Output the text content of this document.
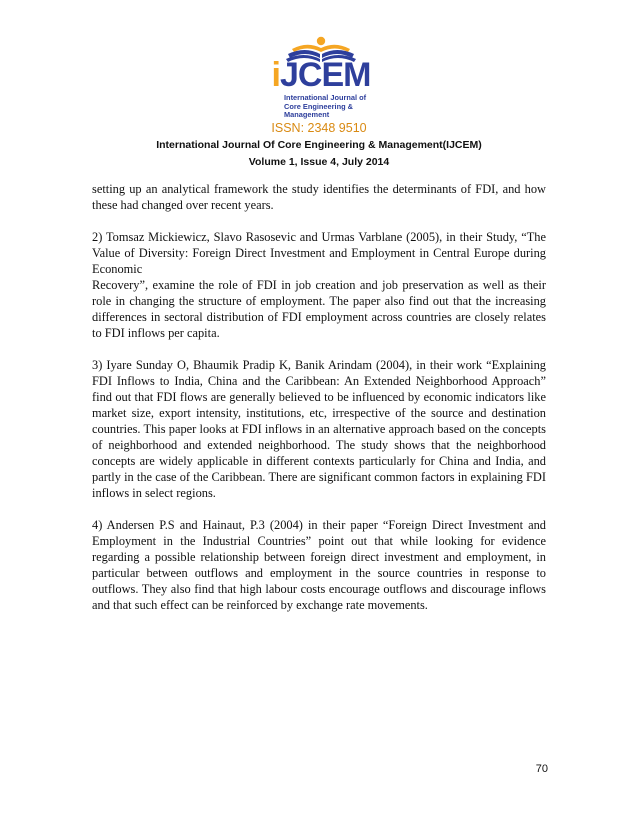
iJCEM
International Journal of Core Engineering & Management
ISSN: 2348 9510
International Journal Of Core Engineering & Management(IJCEM)
Volume 1, Issue 4, July 2014

setting up an analytical framework the study identifies the determinants of FDI, and how these had changed over recent years.

2) Tomsaz Mickiewicz, Slavo Rasosevic and Urmas Varblane (2005), in their Study, “The Value of Diversity: Foreign Direct Investment and Employment in Central Europe during Economic

Recovery”, examine the role of FDI in job creation and job preservation as well as their role in changing the structure of employment. The paper also find out that the increasing differences in sectoral distribution of FDI employment across countries are closely relates to FDI inflows per capita.

3) Iyare Sunday O, Bhaumik Pradip K, Banik Arindam (2004), in their work “Explaining FDI Inflows to India, China and the Caribbean: An Extended Neighborhood Approach” find out that FDI flows are generally believed to be influenced by economic indicators like market size, export intensity, institutions, etc, irrespective of the source and destination countries. This paper looks at FDI inflows in an alternative approach based on the concepts of neighborhood and extended neighborhood. The study shows that the neighborhood concepts are widely applicable in different contexts particularly for China and India, and partly in the case of the Caribbean. There are significant common factors in explaining FDI inflows in select regions.

4) Andersen P.S and Hainaut, P.3 (2004) in their paper “Foreign Direct Investment and Employment in the Industrial Countries” point out that while looking for evidence regarding a possible relationship between foreign direct investment and employment, in particular between outflows and employment in the source countries in response to outflows. They also find that high labour costs encourage outflows and discourage inflows and that such effect can be reinforced by exchange rate movements.

70
